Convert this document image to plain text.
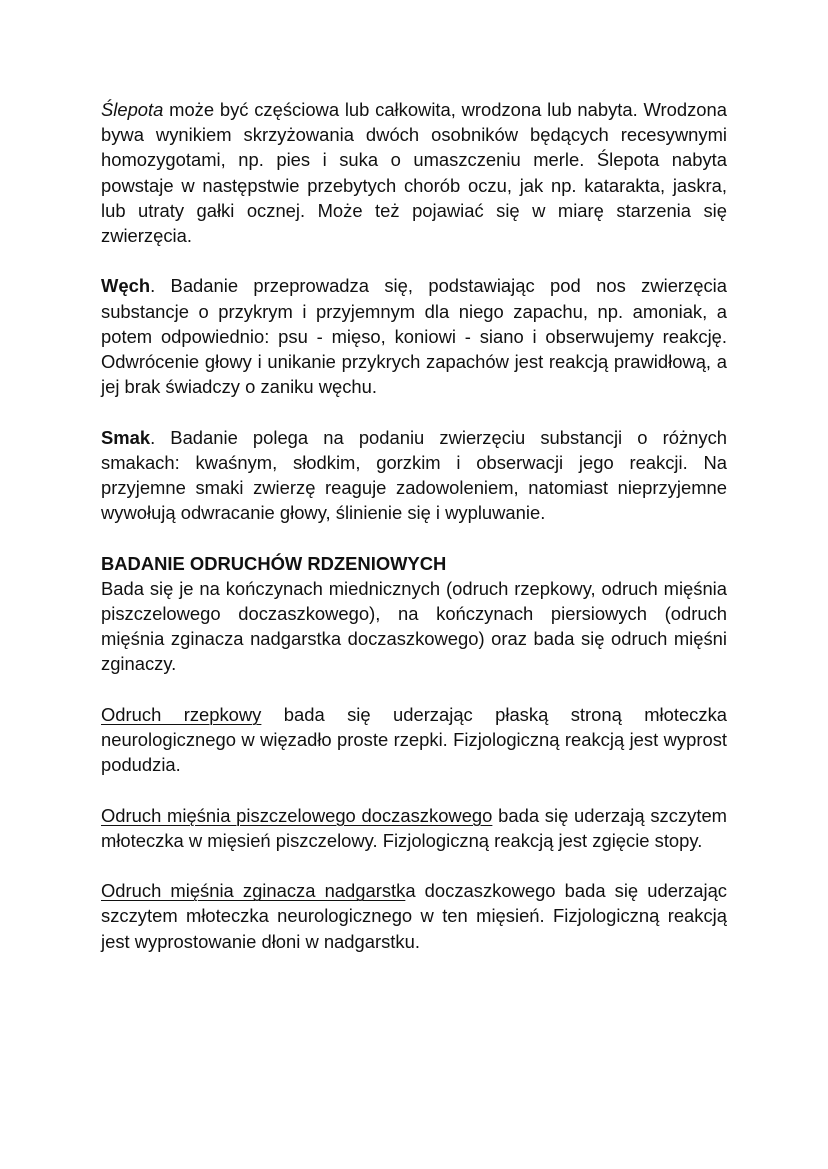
Ślepota może być częściowa lub całkowita, wrodzona lub nabyta. Wrodzona bywa wynikiem skrzyżowania dwóch osobników będących recesywnymi homozygotami, np. pies i suka o umaszczeniu merle. Ślepota nabyta powstaje w następstwie przebytych chorób oczu, jak np. katarakta, jaskra, lub utraty gałki ocznej. Może też pojawiać się w miarę starzenia się zwierzęcia.

Węch. Badanie przeprowadza się, podstawiając pod nos zwierzęcia substancje o przykrym i przyjemnym dla niego zapachu, np. amoniak, a potem odpowiednio: psu - mięso, koniowi - siano i obserwujemy reakcję. Odwrócenie głowy i unikanie przykrych zapachów jest reakcją prawidłową, a jej brak świadczy o zaniku węchu.

Smak. Badanie polega na podaniu zwierzęciu substancji o różnych smakach: kwaśnym, słodkim, gorzkim i obserwacji jego reakcji. Na przyjemne smaki zwierzę reaguje zadowoleniem, natomiast nieprzyjemne wywołują odwracanie głowy, ślinienie się i wypluwanie.

BADANIE ODRUCHÓW RDZENIOWYCH

Bada się je na kończynach miednicznych (odruch rzepkowy, odruch mięśnia piszczelowego doczaszkowego), na kończynach piersiowych (odruch mięśnia zginacza nadgarstka doczaszkowego) oraz bada się odruch mięśni zginaczy.

Odruch rzepkowy bada się uderzając płaską stroną młoteczka neurologicznego w więzadło proste rzepki. Fizjologiczną reakcją jest wyprost podudzia.

Odruch mięśnia piszczelowego doczaszkowego bada się uderzają szczytem młoteczka w mięsień piszczelowy. Fizjologiczną reakcją jest zgięcie stopy.

Odruch mięśnia zginacza nadgarstka doczaszkowego bada się uderzając szczytem młoteczka neurologicznego w ten mięsień. Fizjologiczną reakcją jest wyprostowanie dłoni w nadgarstku.
